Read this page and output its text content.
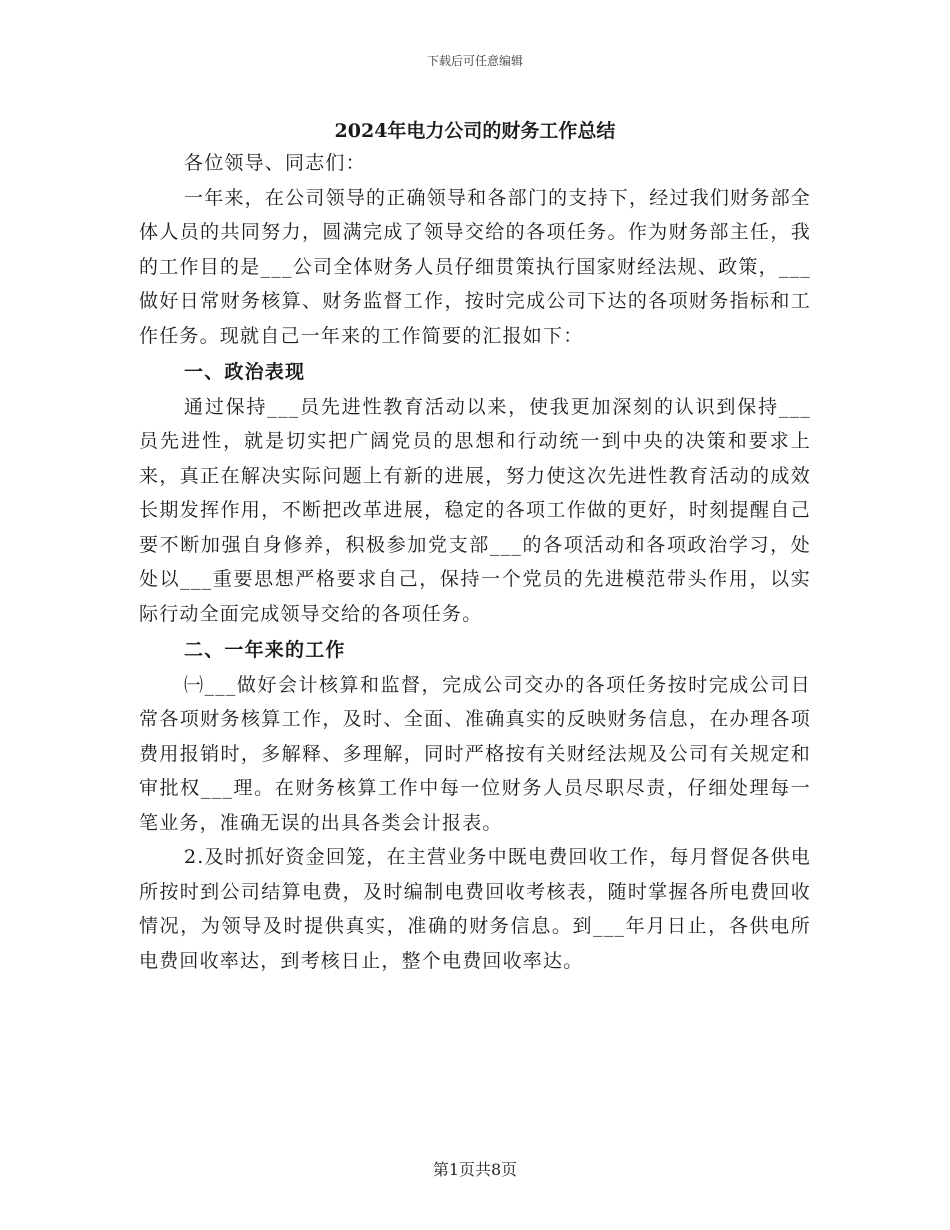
下载后可任意编辑
2024年电力公司的财务工作总结

各位领导、同志们：

一年来，在公司领导的正确领导和各部门的支持下，经过我们财务部全体人员的共同努力，圆满完成了领导交给的各项任务。作为财务部主任，我的工作目的是___公司全体财务人员仔细贯策执行国家财经法规、政策，___做好日常财务核算、财务监督工作，按时完成公司下达的各项财务指标和工作任务。现就自己一年来的工作简要的汇报如下：

一、政治表现

通过保持___员先进性教育活动以来，使我更加深刻的认识到保持___员先进性，就是切实把广阔党员的思想和行动统一到中央的决策和要求上来，真正在解决实际问题上有新的进展，努力使这次先进性教育活动的成效长期发挥作用，不断把改革进展，稳定的各项工作做的更好，时刻提醒自己要不断加强自身修养，积极参加党支部___的各项活动和各项政治学习，处处以___重要思想严格要求自己，保持一个党员的先进模范带头作用，以实际行动全面完成领导交给的各项任务。

二、一年来的工作

㈠___做好会计核算和监督，完成公司交办的各项任务按时完成公司日常各项财务核算工作，及时、全面、准确真实的反映财务信息，在办理各项费用报销时，多解释、多理解，同时严格按有关财经法规及公司有关规定和审批权___理。在财务核算工作中每一位财务人员尽职尽责，仔细处理每一笔业务，准确无误的出具各类会计报表。

2.及时抓好资金回笼，在主营业务中既电费回收工作，每月督促各供电所按时到公司结算电费，及时编制电费回收考核表，随时掌握各所电费回收情况，为领导及时提供真实，准确的财务信息。到___年月日止，各供电所电费回收率达，到考核日止，整个电费回收率达。

第1页共8页
